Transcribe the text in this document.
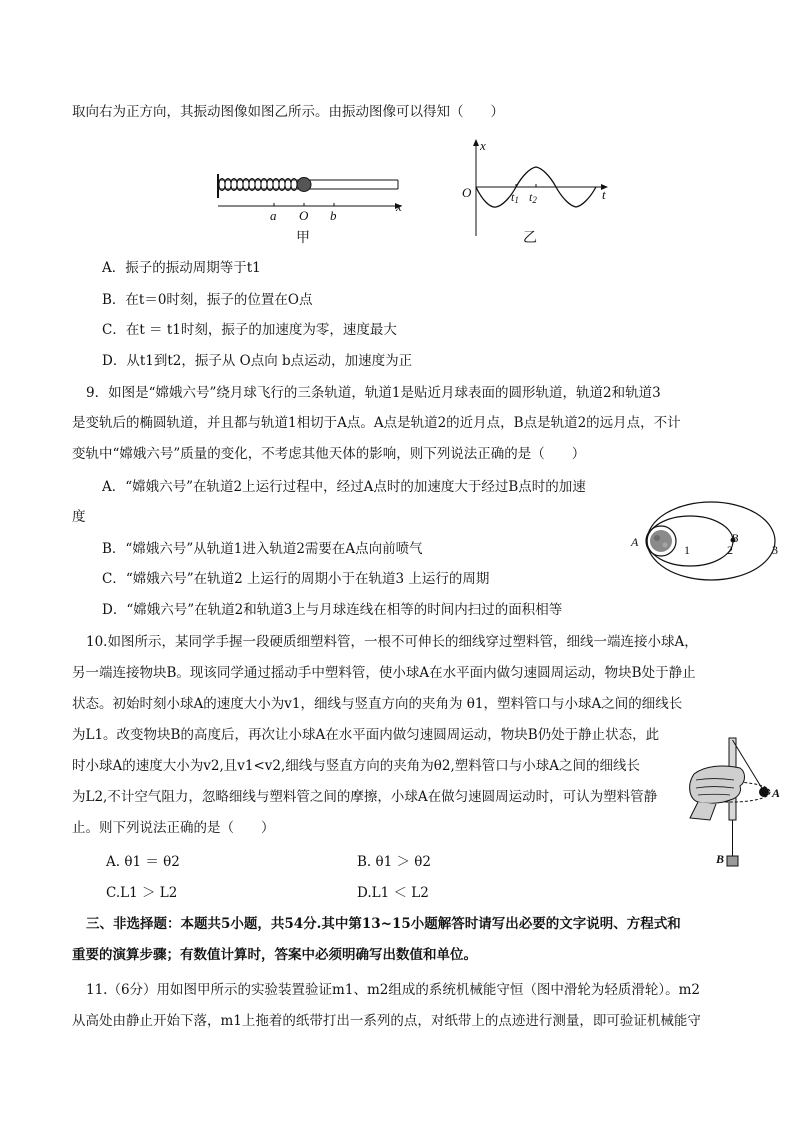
取向右为正方向，其振动图像如图乙所示。由振动图像可以得知（　　）
a O b
x
甲
x
O	t1 t2	t
乙
A．振子的振动周期等于t1
B．在t＝0时刻，振子的位置在O点
C．在t ＝ t1时刻，振子的加速度为零，速度最大
D．从t1到t2，振子从 O点向 b点运动，加速度为正
9．如图是“嫦娥六号”绕月球飞行的三条轨道，轨道1是贴近月球表面的圆形轨道，轨道2和轨道3
是变轨后的椭圆轨道，并且都与轨道1相切于A点。A点是轨道2的近月点，B点是轨道2的远月点，不计
变轨中“嫦娥六号”质量的变化，不考虑其他天体的影响，则下列说法正确的是（　　）
A．“嫦娥六号”在轨道2上运行过程中，经过A点时的加速度大于经过B点时的加速
度
B．“嫦娥六号”从轨道1进入轨道2需要在A点向前喷气
C．“嫦娥六号”在轨道2 上运行的周期小于在轨道3 上运行的周期
D．“嫦娥六号”在轨道2和轨道3上与月球连线在相等的时间内扫过的面积相等
A	B
1	2	3
10.如图所示，某同学手握一段硬质细塑料管，一根不可伸长的细线穿过塑料管，细线一端连接小球A，
另一端连接物块B。现该同学通过摇动手中塑料管，使小球A在水平面内做匀速圆周运动，物块B处于静止
状态。初始时刻小球A的速度大小为v1，细线与竖直方向的夹角为 θ1，塑料管口与小球A之间的细线长
为L1。改变物块B的高度后，再次让小球A在水平面内做匀速圆周运动，物块B仍处于静止状态，此
时小球A的速度大小为v2,且v1<v2,细线与竖直方向的夹角为θ2,塑料管口与小球A之间的细线长
为L2,不计空气阻力，忽略细线与塑料管之间的摩擦，小球A在做匀速圆周运动时，可认为塑料管静
止。则下列说法正确的是（　　）
A. θ1 ＝ θ2	B. θ1 ＞ θ2
C.L1 ＞ L2	D.L1 ＜ L2
A
B
三、非选择题：本题共5小题，共54分.其中第13~15小题解答时请写出必要的文字说明、方程式和
重要的演算步骤；有数值计算时，答案中必须明确写出数值和单位。
11.（6分）用如图甲所示的实验装置验证m1、m2组成的系统机械能守恒（图中滑轮为轻质滑轮）。m2
从高处由静止开始下落，m1上拖着的纸带打出一系列的点，对纸带上的点迹进行测量，即可验证机械能守
